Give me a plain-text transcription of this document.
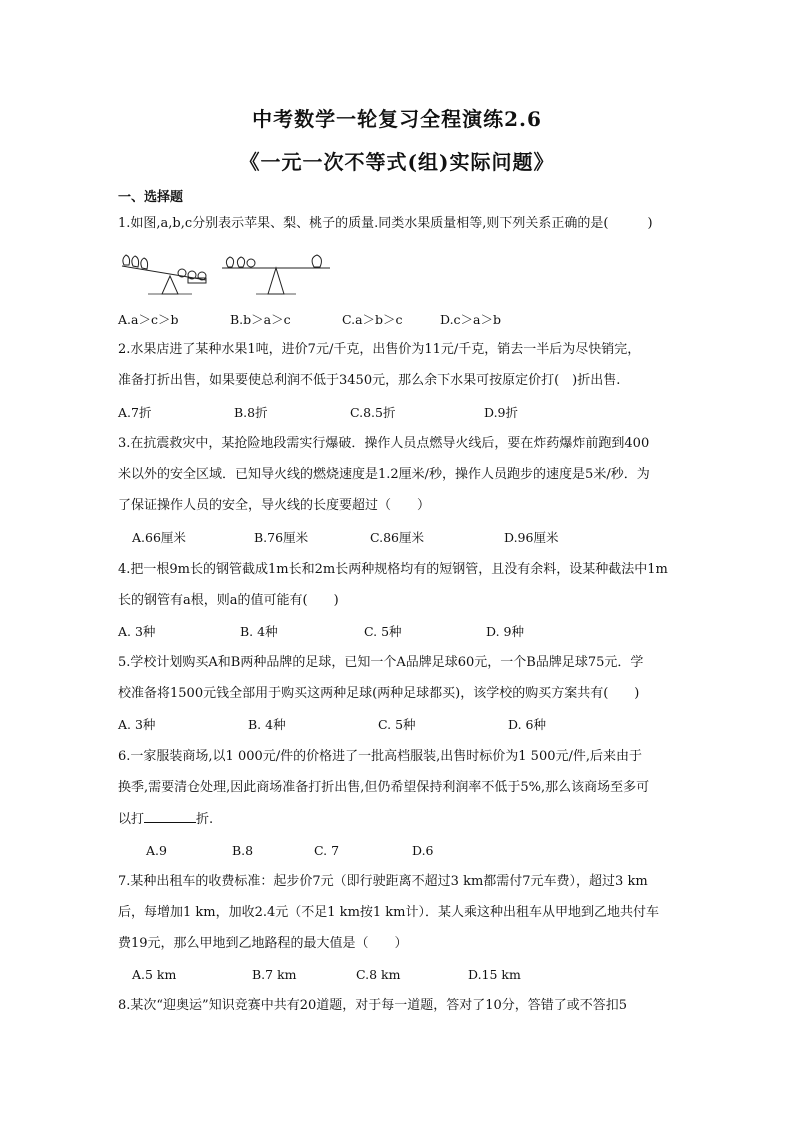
中考数学一轮复习全程演练2.6
《一元一次不等式(组)实际问题》
一、选择题
1.如图,a,b,c分别表示苹果、梨、桃子的质量.同类水果质量相等,则下列关系正确的是(　　　)
A.a＞c＞b	B.b＞a＞c	C.a＞b＞c	D.c＞a＞b
2.水果店进了某种水果1吨，进价7元/千克，出售价为11元/千克，销去一半后为尽快销完，
准备打折出售，如果要使总利润不低于3450元，那么余下水果可按原定价打(　)折出售.
A.7折	B.8折	C.8.5折	D.9折
3.在抗震救灾中，某抢险地段需实行爆破．操作人员点燃导火线后，要在炸药爆炸前跑到400
米以外的安全区域．已知导火线的燃烧速度是1.2厘米/秒，操作人员跑步的速度是5米/秒．为
了保证操作人员的安全，导火线的长度要超过（　　）
A.66厘米	B.76厘米	C.86厘米	D.96厘米
4.把一根9m长的钢管截成1m长和2m长两种规格均有的短钢管，且没有余料，设某种截法中1m
长的钢管有a根，则a的值可能有(　　)
A. 3种	B. 4种	C. 5种	D. 9种
5.学校计划购买A和B两种品牌的足球，已知一个A品牌足球60元，一个B品牌足球75元．学
校准备将1500元钱全部用于购买这两种足球(两种足球都买)，该学校的购买方案共有(　　)
A. 3种	B. 4种	C. 5种	D. 6种
6.一家服装商场,以1 000元/件的价格进了一批高档服装,出售时标价为1 500元/件,后来由于
换季,需要清仓处理,因此商场准备打折出售,但仍希望保持利润率不低于5%,那么该商场至多可
以打	折.
A.9	B.8	C. 7	D.6
7.某种出租车的收费标准：起步价7元（即行驶距离不超过3 km都需付7元车费），超过3 km
后，每增加1 km，加收2.4元（不足1 km按1 km计）．某人乘这种出租车从甲地到乙地共付车
费19元，那么甲地到乙地路程的最大值是（　　）
A.5 km	B.7 km	C.8 km	D.15 km
8.某次“迎奥运”知识竞赛中共有20道题，对于每一道题，答对了10分，答错了或不答扣5
